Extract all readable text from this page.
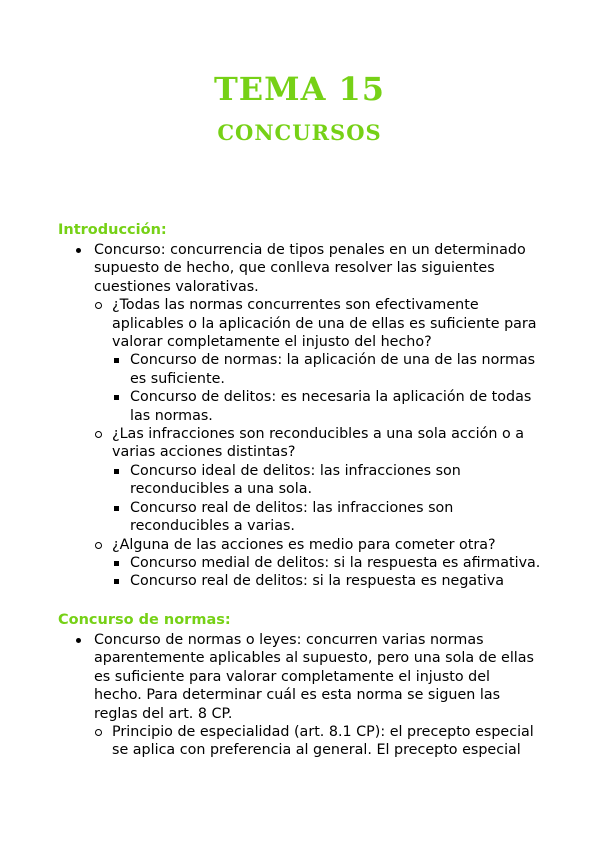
TEMA 15
CONCURSOS
Introducción:
Concurso: concurrencia de tipos penales en un determinado supuesto de hecho, que conlleva resolver las siguientes cuestiones valorativas.
¿Todas las normas concurrentes son efectivamente aplicables o la aplicación de una de ellas es suficiente para valorar completamente el injusto del hecho?
Concurso de normas: la aplicación de una de las normas es suficiente.
Concurso de delitos: es necesaria la aplicación de todas las normas.
¿Las infracciones son reconducibles a una sola acción o a varias acciones distintas?
Concurso ideal de delitos: las infracciones son reconducibles a una sola.
Concurso real de delitos: las infracciones son reconducibles a varias.
¿Alguna de las acciones es medio para cometer otra?
Concurso medial de delitos: si la respuesta es afirmativa.
Concurso real de delitos: si la respuesta es negativa
Concurso de normas:
Concurso de normas o leyes: concurren varias normas aparentemente aplicables al supuesto, pero una sola de ellas es suficiente para valorar completamente el injusto del hecho. Para determinar cuál es esta norma se siguen las reglas del art. 8 CP.
Principio de especialidad (art. 8.1 CP): el precepto especial se aplica con preferencia al general. El precepto especial
